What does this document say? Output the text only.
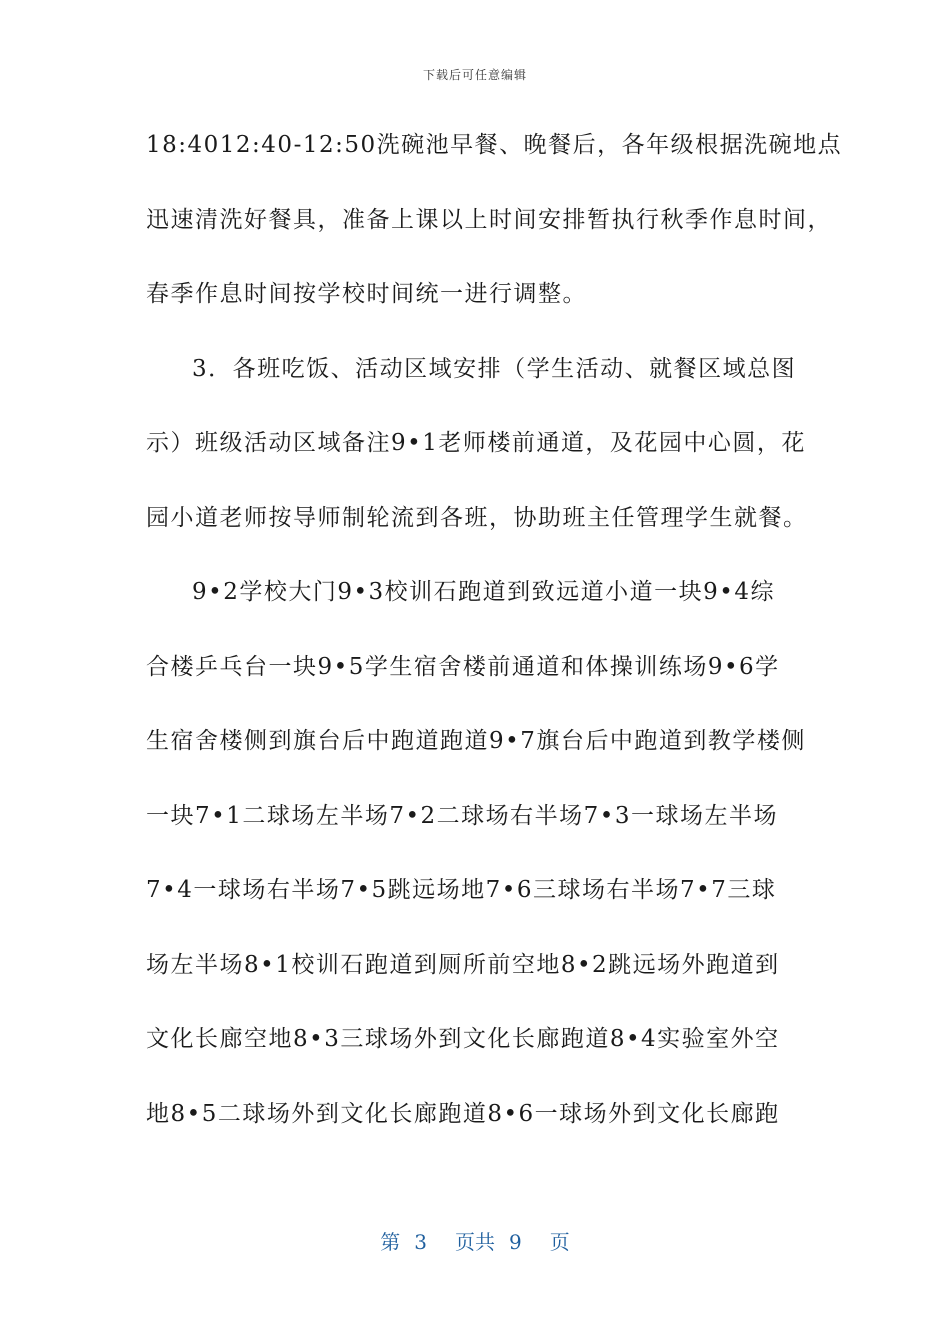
下载后可任意编辑
18:4012:40-12:50洗碗池早餐、晚餐后，各年级根据洗碗地点
迅速清洗好餐具，准备上课以上时间安排暂执行秋季作息时间，
春季作息时间按学校时间统一进行调整。
3．各班吃饭、活动区域安排（学生活动、就餐区域总图
示）班级活动区域备注9•1老师楼前通道，及花园中心圆，花
园小道老师按导师制轮流到各班，协助班主任管理学生就餐。
9•2学校大门9•3校训石跑道到致远道小道一块9•4综
合楼乒乓台一块9•5学生宿舍楼前通道和体操训练场9•6学
生宿舍楼侧到旗台后中跑道跑道9•7旗台后中跑道到教学楼侧
一块7•1二球场左半场7•2二球场右半场7•3一球场左半场
7•4一球场右半场7•5跳远场地7•6三球场右半场7•7三球
场左半场8•1校训石跑道到厕所前空地8•2跳远场外跑道到
文化长廊空地8•3三球场外到文化长廊跑道8•4实验室外空
地8•5二球场外到文化长廊跑道8•6一球场外到文化长廊跑
第 3 页共 9 页
